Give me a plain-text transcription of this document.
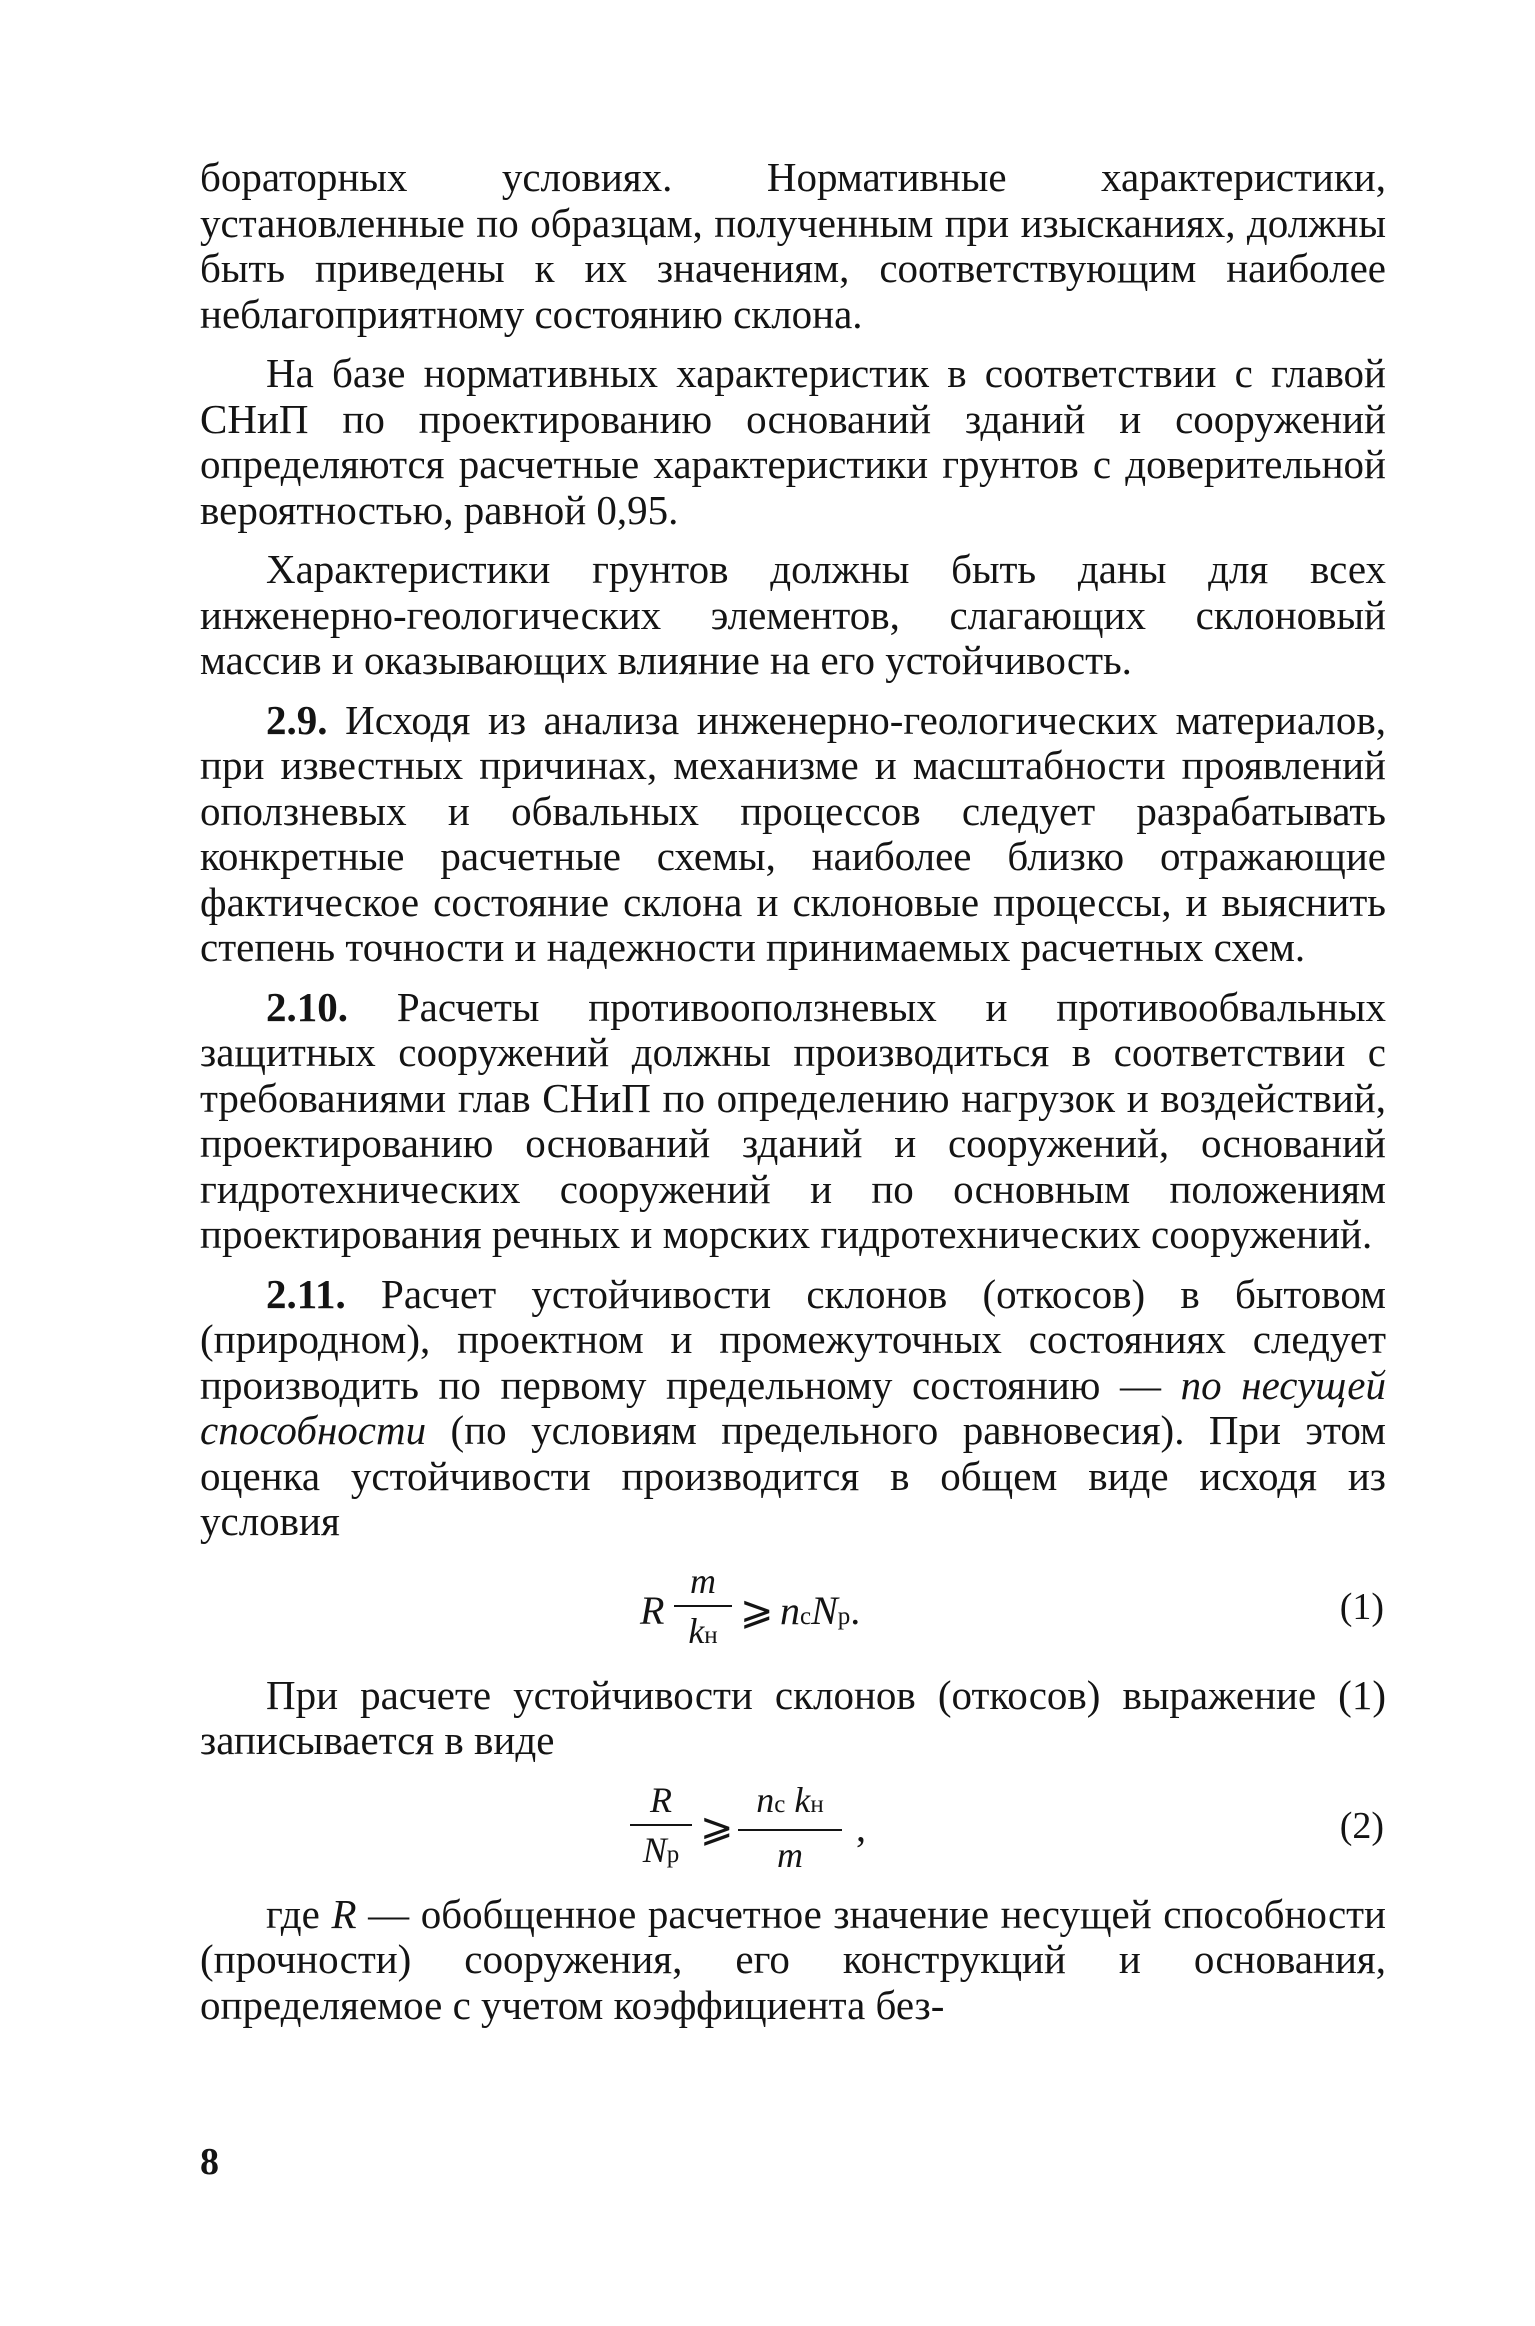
бораторных условиях. Нормативные характеристики, установленные по образцам, полученным при изысканиях, должны быть приведены к их значениям, соответствующим наиболее неблагоприятному состоянию склона.

На базе нормативных характеристик в соответствии с главой СНиП по проектированию оснований зданий и сооружений определяются расчетные характеристики грунтов с доверительной вероятностью, равной 0,95.

Характеристики грунтов должны быть даны для всех инженерно-геологических элементов, слагающих склоновый массив и оказывающих влияние на его устойчивость.

2.9. Исходя из анализа инженерно-геологических материалов, при известных причинах, механизме и масштабности проявлений оползневых и обвальных процессов следует разрабатывать конкретные расчетные схемы, наиболее близко отражающие фактическое состояние склона и склоновые процессы, и выяснить степень точности и надежности принимаемых расчетных схем.

2.10. Расчеты противооползневых и противообвальных защитных сооружений должны производиться в соответствии с требованиями глав СНиП по определению нагрузок и воздействий, проектированию оснований зданий и сооружений, оснований гидротехнических сооружений и по основным положениям проектирования речных и морских гидротехнических сооружений.

2.11. Расчет устойчивости склонов (откосов) в бытовом (природном), проектном и промежуточных состояниях следует производить по первому предельному состоянию — по несущей способности (по условиям предельного равновесия). При этом оценка устойчивости производится в общем виде исходя из условия

R
m
kн
⩾ nсNр.	(1)

При расчете устойчивости склонов (откосов) выражение (1) записывается в виде

R
Nр
⩾
nс kн
m
,	(2)

где R — обобщенное расчетное значение несущей способности (прочности) сооружения, его конструкций и основания, определяемое с учетом коэффициента без-

8
